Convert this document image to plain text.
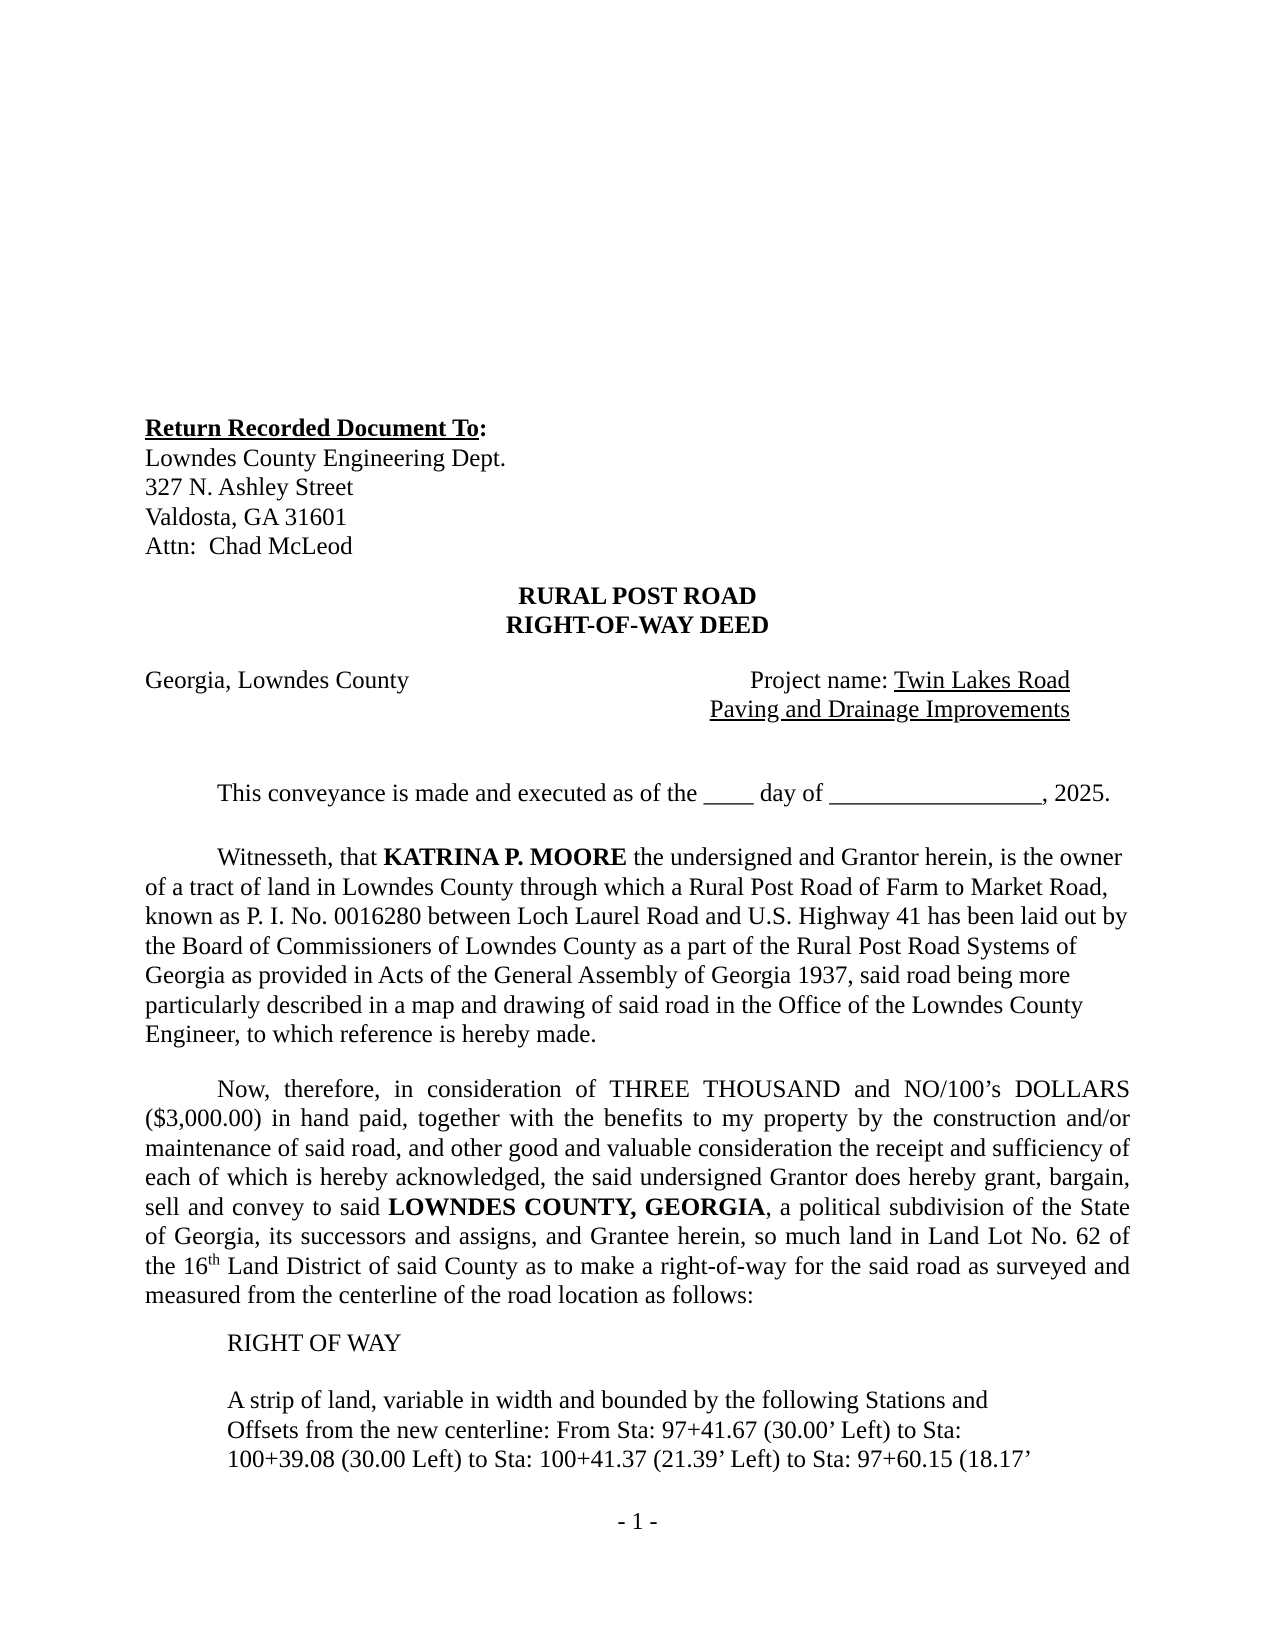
Return Recorded Document To:
Lowndes County Engineering Dept.
327 N. Ashley Street
Valdosta, GA 31601
Attn:  Chad McLeod
RURAL POST ROAD
RIGHT-OF-WAY DEED
Georgia, Lowndes County	Project name: Twin Lakes Road
Paving and Drainage Improvements

This conveyance is made and executed as of the ____ day of _________________, 2025.

Witnesseth, that KATRINA P. MOORE the undersigned and Grantor herein, is the owner of a tract of land in Lowndes County through which a Rural Post Road of Farm to Market Road, known as P. I. No. 0016280 between Loch Laurel Road and U.S. Highway 41 has been laid out by the Board of Commissioners of Lowndes County as a part of the Rural Post Road Systems of Georgia as provided in Acts of the General Assembly of Georgia 1937, said road being more particularly described in a map and drawing of said road in the Office of the Lowndes County Engineer, to which reference is hereby made.

Now, therefore, in consideration of THREE THOUSAND and NO/100’s DOLLARS ($3,000.00) in hand paid, together with the benefits to my property by the construction and/or maintenance of said road, and other good and valuable consideration the receipt and sufficiency of each of which is hereby acknowledged, the said undersigned Grantor does hereby grant, bargain, sell and convey to said LOWNDES COUNTY, GEORGIA, a political subdivision of the State of Georgia, its successors and assigns, and Grantee herein, so much land in Land Lot No. 62 of the 16th Land District of said County as to make a right-of-way for the said road as surveyed and measured from the centerline of the road location as follows:

RIGHT OF WAY

A strip of land, variable in width and bounded by the following Stations and
Offsets from the new centerline: From Sta: 97+41.67 (30.00’ Left) to Sta:
100+39.08 (30.00 Left) to Sta: 100+41.37 (21.39’ Left) to Sta: 97+60.15 (18.17’
- 1 -
